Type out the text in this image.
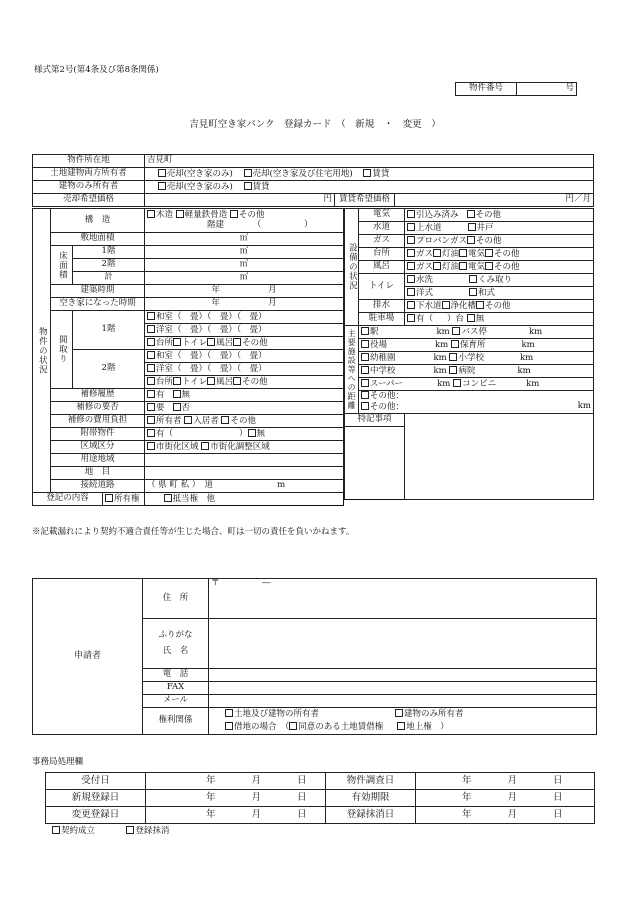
様式第2号(第4条及び第8条関係)
物件番号	号
吉見町空き家バンク　登録カード　（　新規　・　変更　）
物件所在地	吉見町		
土地建物両方所有者	売却(空き家のみ) 売却(空き家及び住宅用地) 賃貸		
建物のみ所有者	売却(空き家のみ) 賃貸		
売却希望価格	円	賃貸希望価格	円／月
物件の状況	構　造			木造 軽量鉄骨造 その他
階建 （ ）
	敷地面積			㎡
	床面積	1階		㎡
		2階		㎡
		計		㎡
	建築時期			年 月
	空き家になった時期			年 月
	間取り	1階		和室（　畳）（　畳）（　畳）
				洋室（　畳）（　畳）（　畳）
				台所 トイレ 風呂 その他
		2階		和室（　畳）（　畳）（　畳）
				洋室（　畳）（　畳）（　畳）
				台所 トイレ 風呂 その他
	補修履歴			有 無
	補修の要否			要 否
	補修の費用負担			所有者 入居者 その他
	附帯物件			有（ ） 無
	区域区分			市街化区域 市街化調整区域
	用途地域			
	地　目			
	接続道路			（ 県 町 私 ）　道 m
登記の内容			所有権 抵当権　他	
設備の状況	電気	引込み済み その他
	水道	上水道 井戸
	ガス	プロパンガス その他
	台所	ガス 灯油 電気 その他
	風呂	ガス 灯油 電気 その他
	トイレ	水洗 くみ取り
		洋式 和式
	排水	下水道 浄化槽 その他
	駐車場	有（ ）台 無
主要施設等への距離	駅 km バス停 km	
	役場 km 保育所 km	
	幼稚園 km 小学校 km	
	中学校 km 病院 km	
	スーパー km コンビニ km	
	その他：
その他： km	

特記事項		

※記載漏れにより契約不適合責任等が生じた場合、町は一切の責任を負いかねます。
申請者	住　所	〒　　　　　―
	ふりがな
氏　名	
	電　話	
	FAX	
	メール	
	権利関係	土地及び建物の所有者 建物のみ所有者
借地の場合　（ 同意のある土地賃借権 地上権　）
事務局処理欄
受付日	年 月 日	物件調査日	年 月 日
新規登録日	年 月 日	有効期限	年 月 日
変更登録日	年 月 日	登録抹消日	年 月 日
契約成立	登録抹消
